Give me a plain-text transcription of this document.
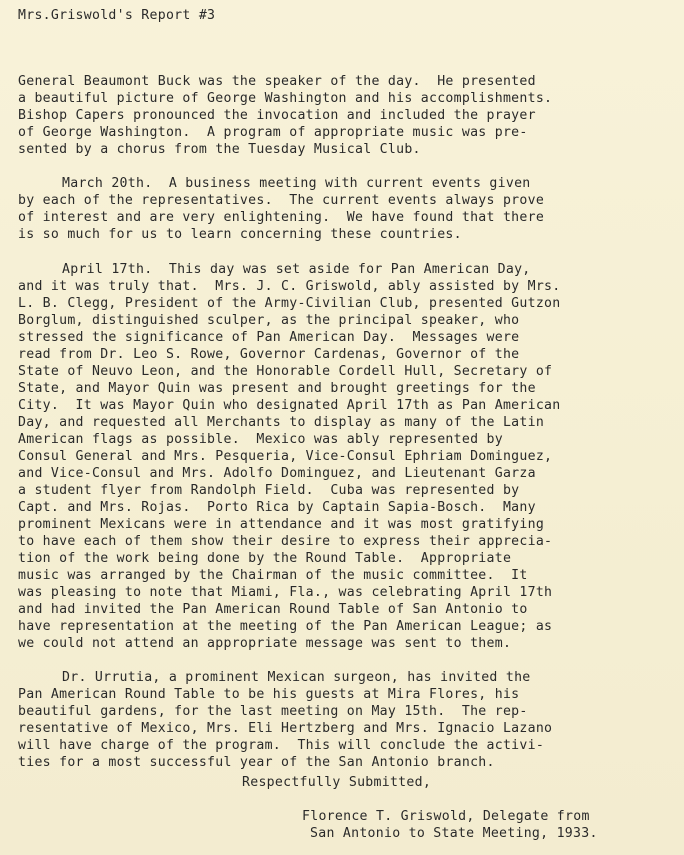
Mrs.Griswold's Report #3
General Beaumont Buck was the speaker of the day.  He presented
a beautiful picture of George Washington and his accomplishments.
Bishop Capers pronounced the invocation and included the prayer
of George Washington.  A program of appropriate music was pre-
sented by a chorus from the Tuesday Musical Club.
March 20th.  A business meeting with current events given
by each of the representatives.  The current events always prove
of interest and are very enlightening.  We have found that there
is so much for us to learn concerning these countries.
April 17th.  This day was set aside for Pan American Day,
and it was truly that.  Mrs. J. C. Griswold, ably assisted by Mrs.
L. B. Clegg, President of the Army-Civilian Club, presented Gutzon
Borglum, distinguished sculper, as the principal speaker, who
stressed the significance of Pan American Day.  Messages were
read from Dr. Leo S. Rowe, Governor Cardenas, Governor of the
State of Neuvo Leon, and the Honorable Cordell Hull, Secretary of
State, and Mayor Quin was present and brought greetings for the
City.  It was Mayor Quin who designated April 17th as Pan American
Day, and requested all Merchants to display as many of the Latin
American flags as possible.  Mexico was ably represented by
Consul General and Mrs. Pesqueria, Vice-Consul Ephriam Dominguez,
and Vice-Consul and Mrs. Adolfo Dominguez, and Lieutenant Garza
a student flyer from Randolph Field.  Cuba was represented by
Capt. and Mrs. Rojas.  Porto Rica by Captain Sapia-Bosch.  Many
prominent Mexicans were in attendance and it was most gratifying
to have each of them show their desire to express their apprecia-
tion of the work being done by the Round Table.  Appropriate
music was arranged by the Chairman of the music committee.  It
was pleasing to note that Miami, Fla., was celebrating April 17th
and had invited the Pan American Round Table of San Antonio to
have representation at the meeting of the Pan American League; as
we could not attend an appropriate message was sent to them.
Dr. Urrutia, a prominent Mexican surgeon, has invited the
Pan American Round Table to be his guests at Mira Flores, his
beautiful gardens, for the last meeting on May 15th.  The rep-
resentative of Mexico, Mrs. Eli Hertzberg and Mrs. Ignacio Lazano
will have charge of the program.  This will conclude the activi-
ties for a most successful year of the San Antonio branch.
Respectfully Submitted,
Florence T. Griswold, Delegate from
San Antonio to State Meeting, 1933.
